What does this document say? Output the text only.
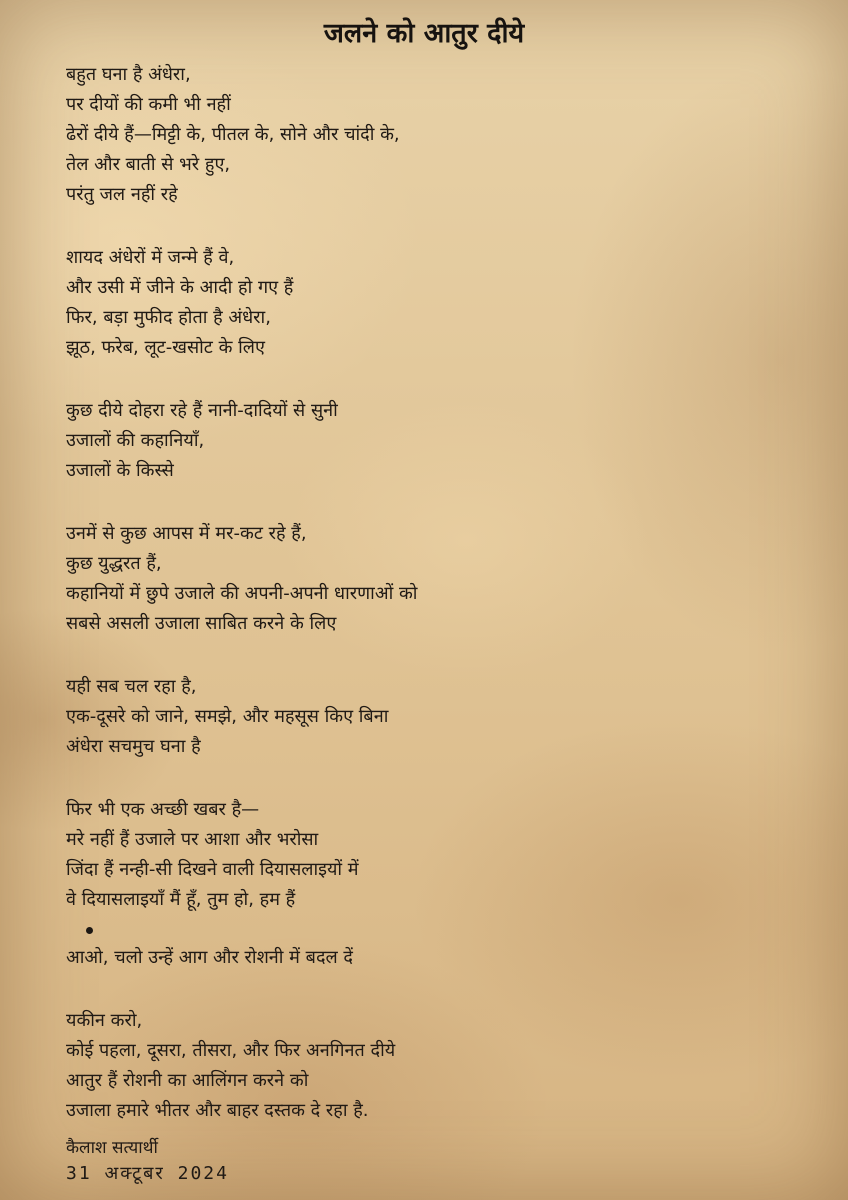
जलने को आतुर दीये
बहुत घना है अंधेरा,
पर दीयों की कमी भी नहीं
ढेरों दीये हैं—मिट्टी के, पीतल के, सोने और चांदी के,
तेल और बाती से भरे हुए,
परंतु जल नहीं रहे
शायद अंधेरों में जन्मे हैं वे,
और उसी में जीने के आदी हो गए हैं
फिर, बड़ा मुफीद होता है अंधेरा,
झूठ, फरेब, लूट-खसोट के लिए
कुछ दीये दोहरा रहे हैं नानी-दादियों से सुनी
उजालों की कहानियाँ,
उजालों के किस्से
उनमें से कुछ आपस में मर-कट रहे हैं,
कुछ युद्धरत हैं,
कहानियों में छुपे उजाले की अपनी-अपनी धारणाओं को
सबसे असली उजाला साबित करने के लिए
यही सब चल रहा है,
एक-दूसरे को जाने, समझे, और महसूस किए बिना
अंधेरा सचमुच घना है
फिर भी एक अच्छी खबर है—
मरे नहीं हैं उजाले पर आशा और भरोसा
जिंदा हैं नन्ही-सी दिखने वाली दियासलाइयों में
वे दियासलाइयाँ मैं हूँ, तुम हो, हम हैं
आओ, चलो उन्हें आग और रोशनी में बदल दें
यकीन करो,
कोई पहला, दूसरा, तीसरा, और फिर अनगिनत दीये
आतुर हैं रोशनी का आलिंगन करने को
उजाला हमारे भीतर और बाहर दस्तक दे रहा है.
कैलाश सत्यार्थी
31 अक्टूबर 2024
